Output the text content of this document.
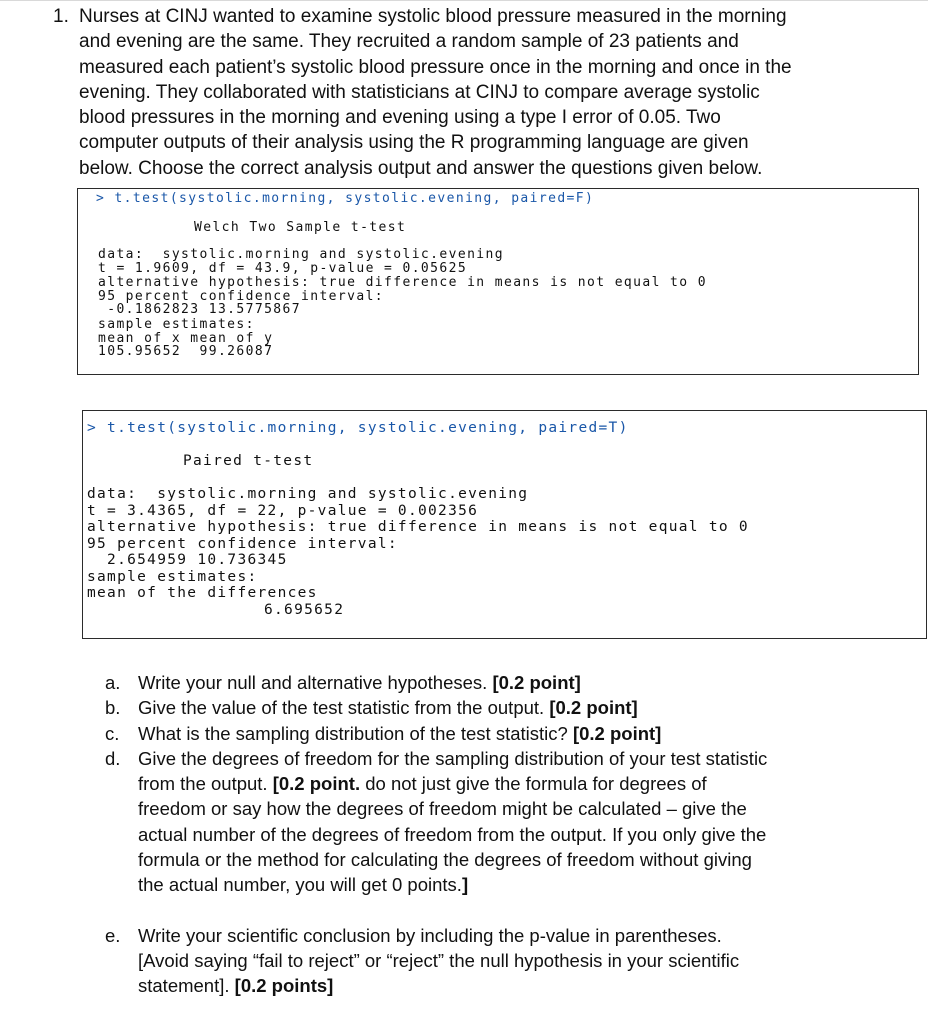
1. Nurses at CINJ wanted to examine systolic blood pressure measured in the morning
and evening are the same. They recruited a random sample of 23 patients and
measured each patient’s systolic blood pressure once in the morning and once in the
evening. They collaborated with statisticians at CINJ to compare average systolic
blood pressures in the morning and evening using a type I error of 0.05. Two
computer outputs of their analysis using the R programming language are given
below. Choose the correct analysis output and answer the questions given below.
> t.test(systolic.morning, systolic.evening, paired=F)
Welch Two Sample t-test
data:  systolic.morning and systolic.evening
t = 1.9609, df = 43.9, p-value = 0.05625
alternative hypothesis: true difference in means is not equal to 0
95 percent confidence interval:
-0.1862823 13.5775867
sample estimates:
mean of x mean of y
105.95652  99.26087
> t.test(systolic.morning, systolic.evening, paired=T)
Paired t-test
data:  systolic.morning and systolic.evening
t = 3.4365, df = 22, p-value = 0.002356
alternative hypothesis: true difference in means is not equal to 0
95 percent confidence interval:
2.654959 10.736345
sample estimates:
mean of the differences
6.695652
a. Write your null and alternative hypotheses. [0.2 point]
b. Give the value of the test statistic from the output. [0.2 point]
c. What is the sampling distribution of the test statistic? [0.2 point]
d. Give the degrees of freedom for the sampling distribution of your test statistic
from the output. [0.2 point. do not just give the formula for degrees of
freedom or say how the degrees of freedom might be calculated – give the
actual number of the degrees of freedom from the output. If you only give the
formula or the method for calculating the degrees of freedom without giving
the actual number, you will get 0 points.]
e. Write your scientific conclusion by including the p-value in parentheses.
[Avoid saying “fail to reject” or “reject” the null hypothesis in your scientific
statement]. [0.2 points]
